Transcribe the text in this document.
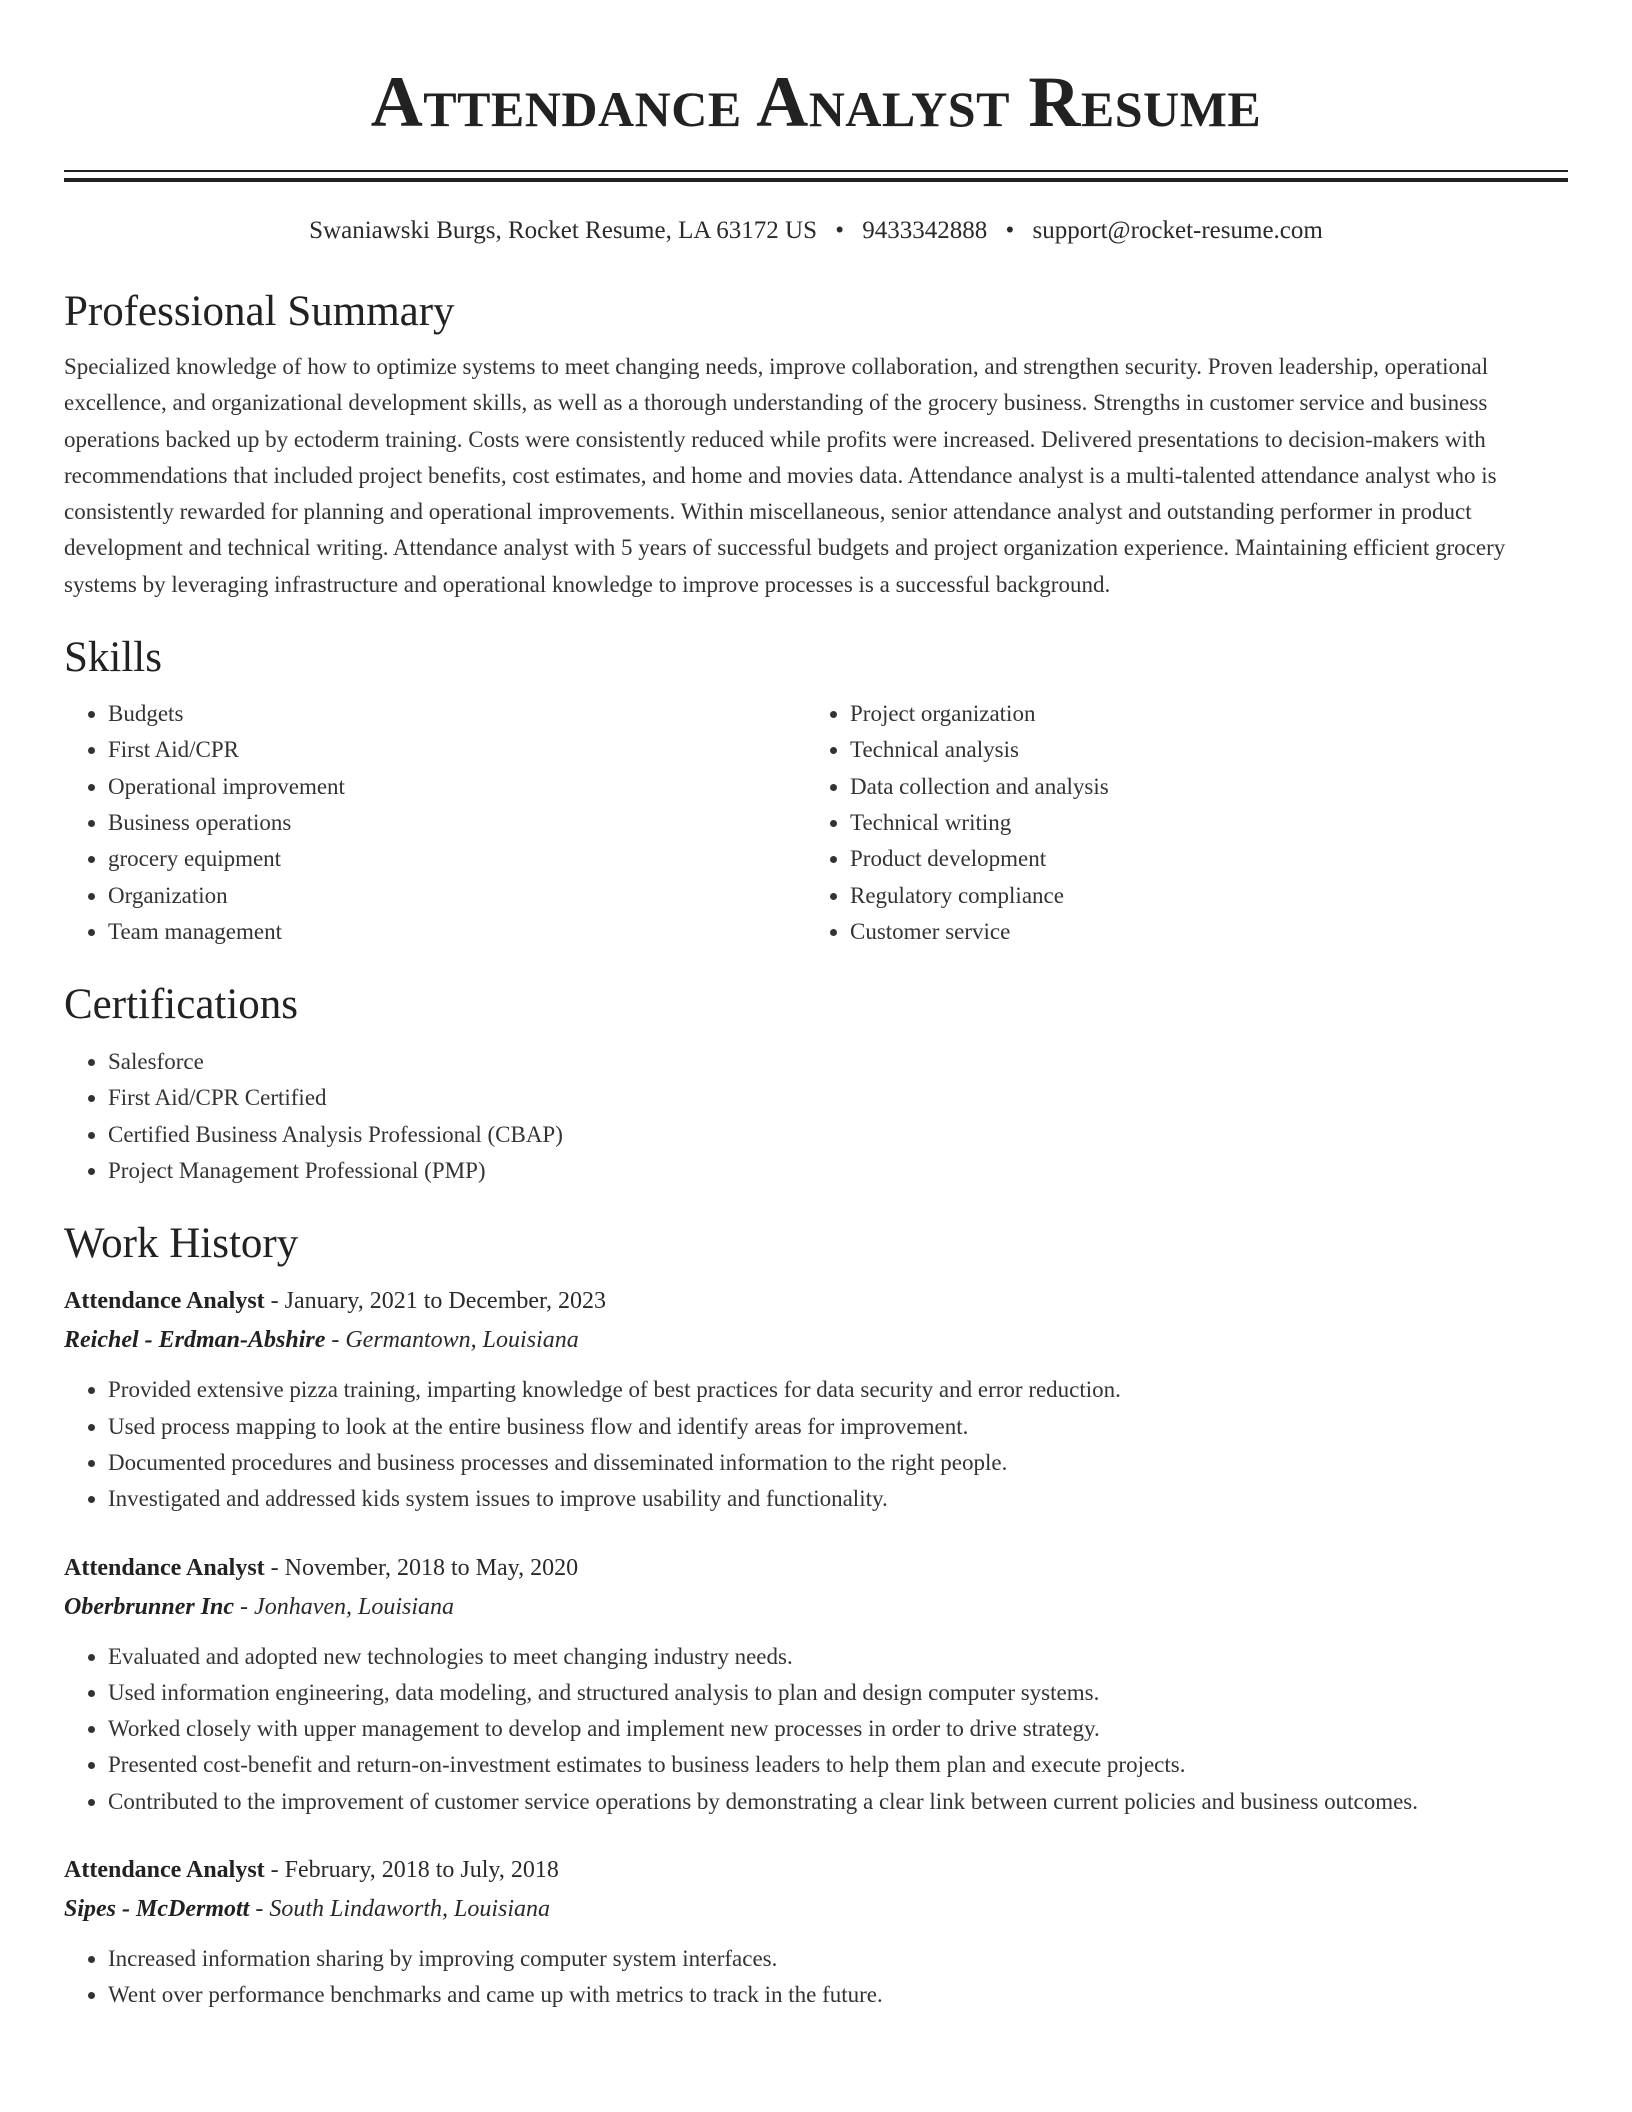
Attendance Analyst Resume
Swaniawski Burgs, Rocket Resume, LA 63172 US • 9433342888 • support@rocket-resume.com
Professional Summary

Specialized knowledge of how to optimize systems to meet changing needs, improve collaboration, and strengthen security. Proven leadership, operational excellence, and organizational development skills, as well as a thorough understanding of the grocery business. Strengths in customer service and business operations backed up by ectoderm training. Costs were consistently reduced while profits were increased. Delivered presentations to decision-makers with recommendations that included project benefits, cost estimates, and home and movies data. Attendance analyst is a multi-talented attendance analyst who is consistently rewarded for planning and operational improvements. Within miscellaneous, senior attendance analyst and outstanding performer in product development and technical writing. Attendance analyst with 5 years of successful budgets and project organization experience. Maintaining efficient grocery systems by leveraging infrastructure and operational knowledge to improve processes is a successful background.

Skills
• Budgets
• First Aid/CPR
• Operational improvement
• Business operations
• grocery equipment
• Organization
• Team management
• Project organization
• Technical analysis
• Data collection and analysis
• Technical writing
• Product development
• Regulatory compliance
• Customer service
Certifications
• Salesforce
• First Aid/CPR Certified
• Certified Business Analysis Professional (CBAP)
• Project Management Professional (PMP)
Work History
Attendance Analyst - January, 2021 to December, 2023
Reichel - Erdman-Abshire - Germantown, Louisiana
• Provided extensive pizza training, imparting knowledge of best practices for data security and error reduction.
• Used process mapping to look at the entire business flow and identify areas for improvement.
• Documented procedures and business processes and disseminated information to the right people.
• Investigated and addressed kids system issues to improve usability and functionality.
Attendance Analyst - November, 2018 to May, 2020
Oberbrunner Inc - Jonhaven, Louisiana
• Evaluated and adopted new technologies to meet changing industry needs.
• Used information engineering, data modeling, and structured analysis to plan and design computer systems.
• Worked closely with upper management to develop and implement new processes in order to drive strategy.
• Presented cost-benefit and return-on-investment estimates to business leaders to help them plan and execute projects.
• Contributed to the improvement of customer service operations by demonstrating a clear link between current policies and business outcomes.
Attendance Analyst - February, 2018 to July, 2018
Sipes - McDermott - South Lindaworth, Louisiana
• Increased information sharing by improving computer system interfaces.
• Went over performance benchmarks and came up with metrics to track in the future.
